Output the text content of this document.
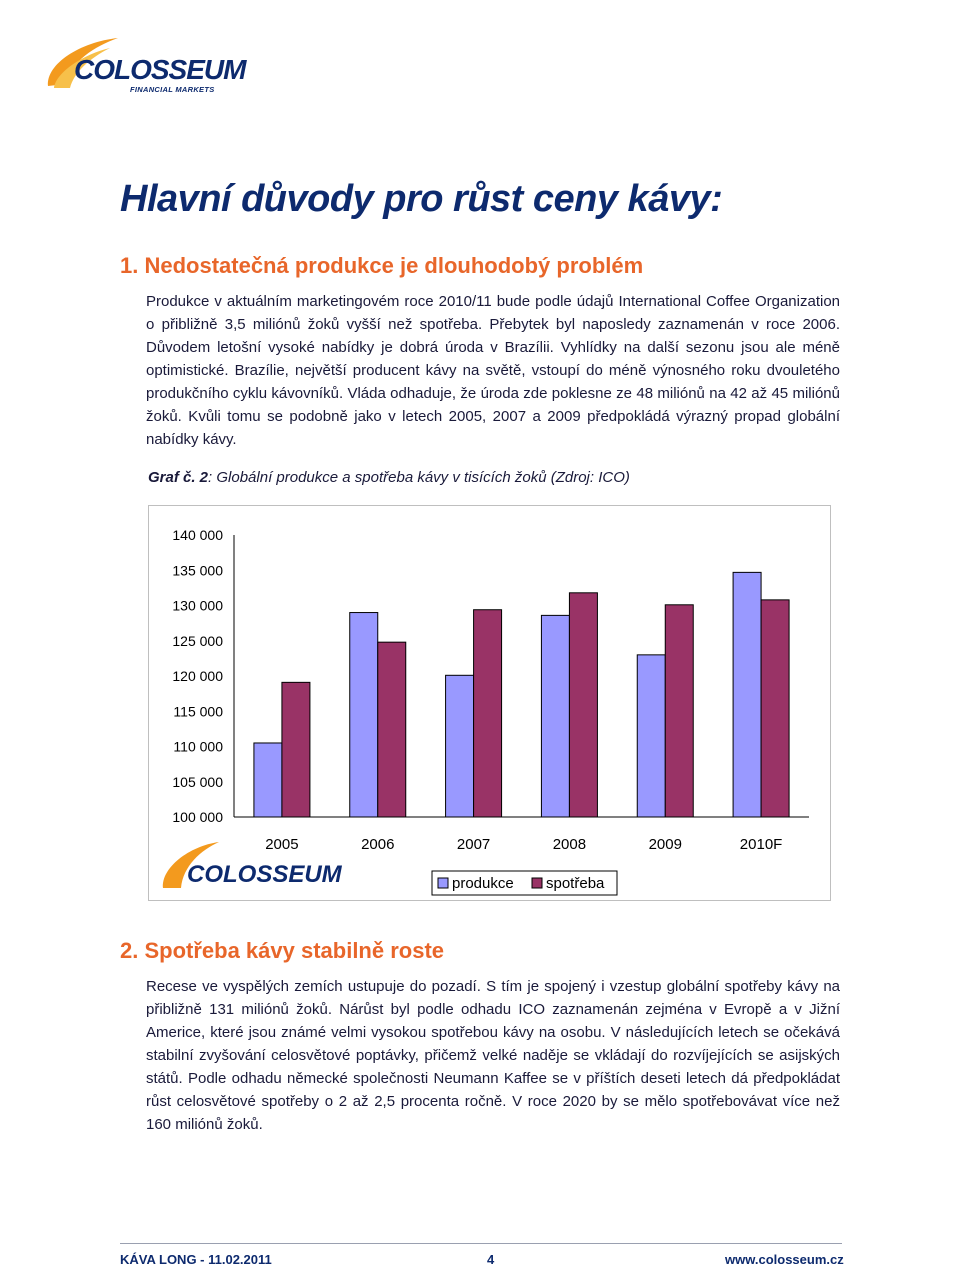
COLOSSEUM
FINANCIAL MARKETS
Hlavní důvody pro růst ceny kávy:
1. Nedostatečná produkce je dlouhodobý problém

Produkce v aktuálním marketingovém roce 2010/11 bude podle údajů International Coffee Organization o přibližně 3,5 miliónů žoků vyšší než spotřeba. Přebytek byl naposledy zaznamenán v roce 2006. Důvodem letošní vysoké nabídky je dobrá úroda v Brazílii. Vyhlídky na další sezonu jsou ale méně optimistické. Brazílie, největší producent kávy na světě, vstoupí do méně výnosného roku dvouletého produkčního cyklu kávovníků. Vláda odhaduje, že úroda zde poklesne ze 48 miliónů na 42 až 45 miliónů žoků. Kvůli tomu se podobně jako v letech 2005, 2007 a 2009 předpokládá výrazný propad globální nabídky kávy.

Graf č. 2: Globální produkce a spotřeba kávy v tisících žoků (Zdroj: ICO)
140 000
135 000
130 000
125 000
120 000
115 000
110 000
105 000
100 000
2005	2006	2007	2008	2009	2010F
COLOSSEUM	produkce spotřeba
2. Spotřeba kávy stabilně roste

Recese ve vyspělých zemích ustupuje do pozadí. S tím je spojený i vzestup globální spotřeby kávy na přibližně 131 miliónů žoků. Nárůst byl podle odhadu ICO zaznamenán zejména v Evropě a v Jižní Americe, které jsou známé velmi vysokou spotřebou kávy na osobu. V následujících letech se očekává stabilní zvyšování celosvětové poptávky, přičemž velké naděje se vkládají do rozvíjejících se asijských států. Podle odhadu německé společnosti Neumann Kaffee se v příštích deseti letech dá předpokládat růst celosvětové spotřeby o 2 až 2,5 procenta ročně. V roce 2020 by se mělo spotřebovávat více než 160 miliónů žoků.

KÁVA LONG - 11.02.2011	4	www.colosseum.cz
